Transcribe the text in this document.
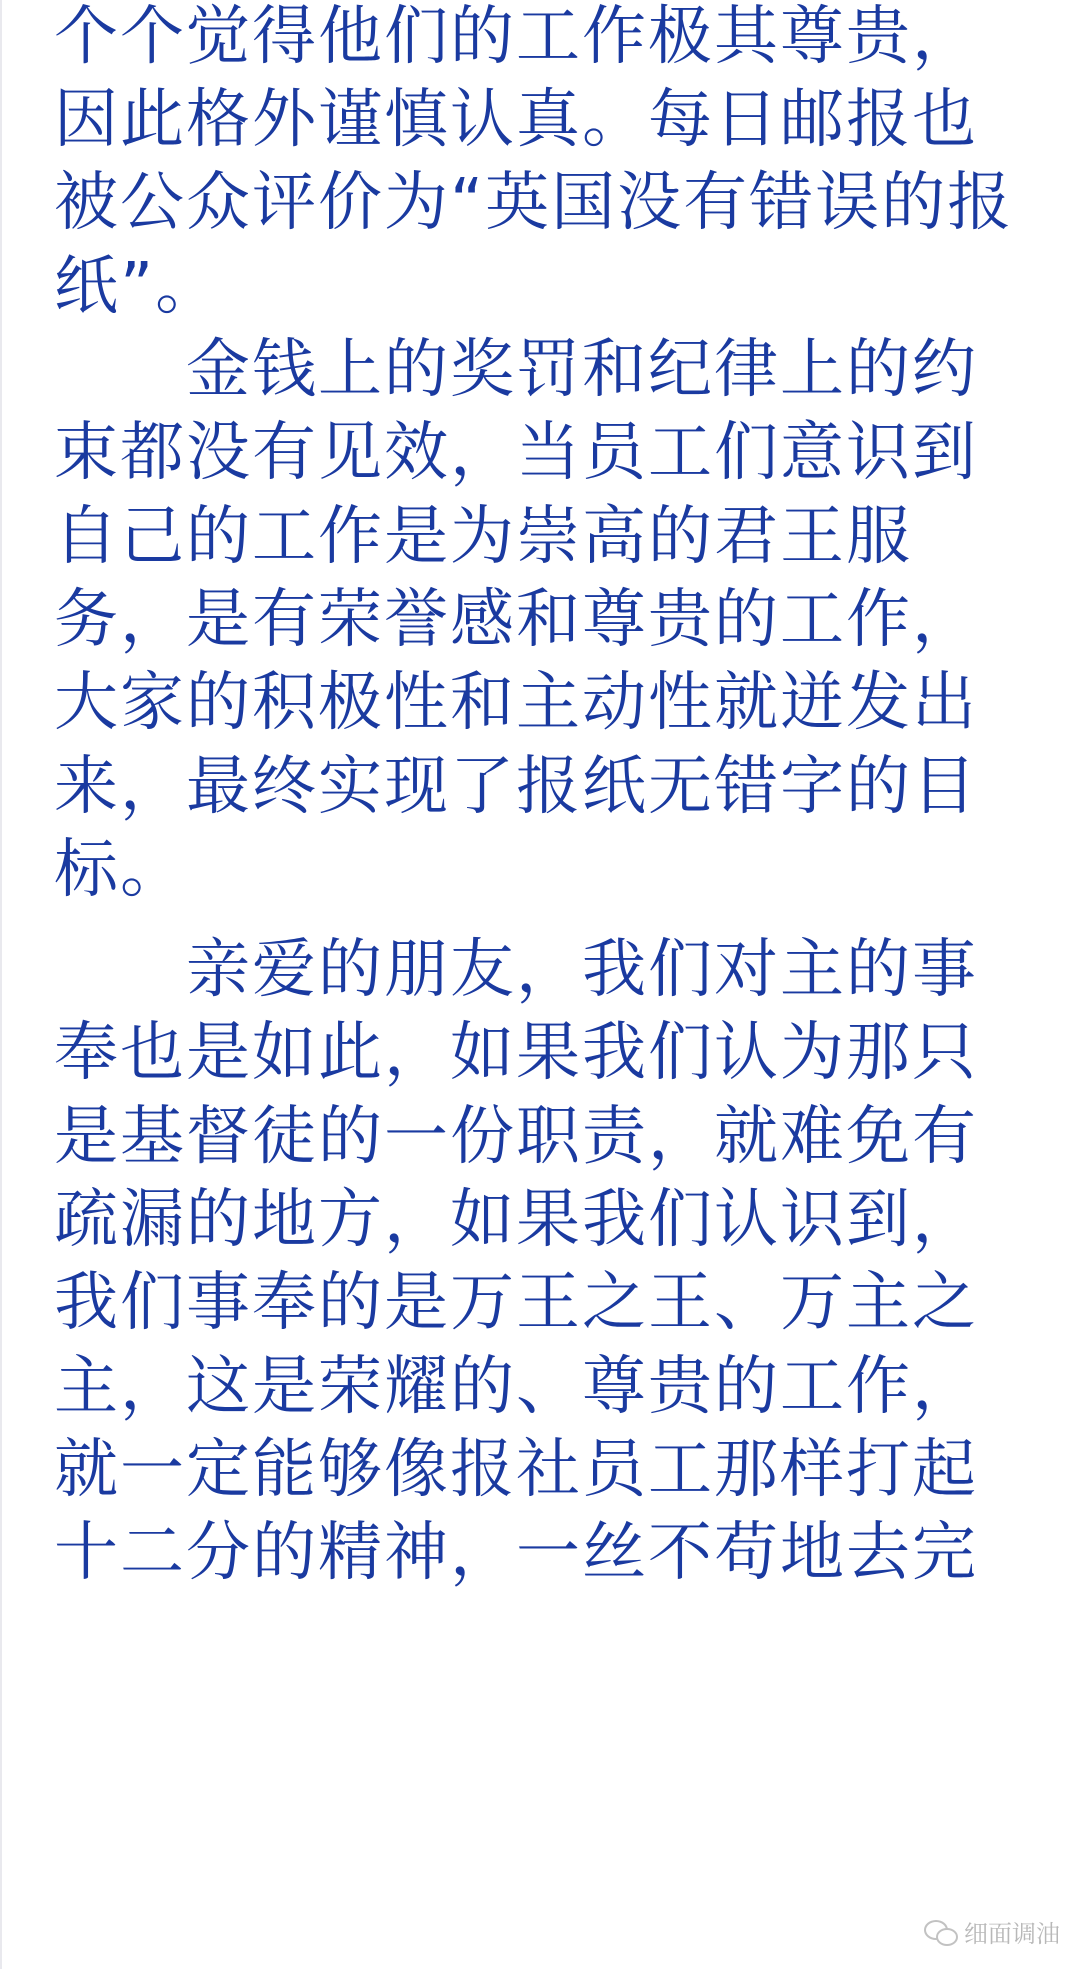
个个觉得他们的工作极其尊贵，

因此格外谨慎认真。每日邮报也

被公众评价为“英国没有错误的报

纸”。

　　金钱上的奖罚和纪律上的约

束都没有见效，当员工们意识到

自己的工作是为崇高的君王服

务，是有荣誉感和尊贵的工作，

大家的积极性和主动性就迸发出

来，最终实现了报纸无错字的目

标。

　　亲爱的朋友，我们对主的事

奉也是如此，如果我们认为那只

是基督徒的一份职责，就难免有

疏漏的地方，如果我们认识到，

我们事奉的是万王之王、万主之

主，这是荣耀的、尊贵的工作，

就一定能够像报社员工那样打起

十二分的精神，一丝不苟地去完

细面调油
